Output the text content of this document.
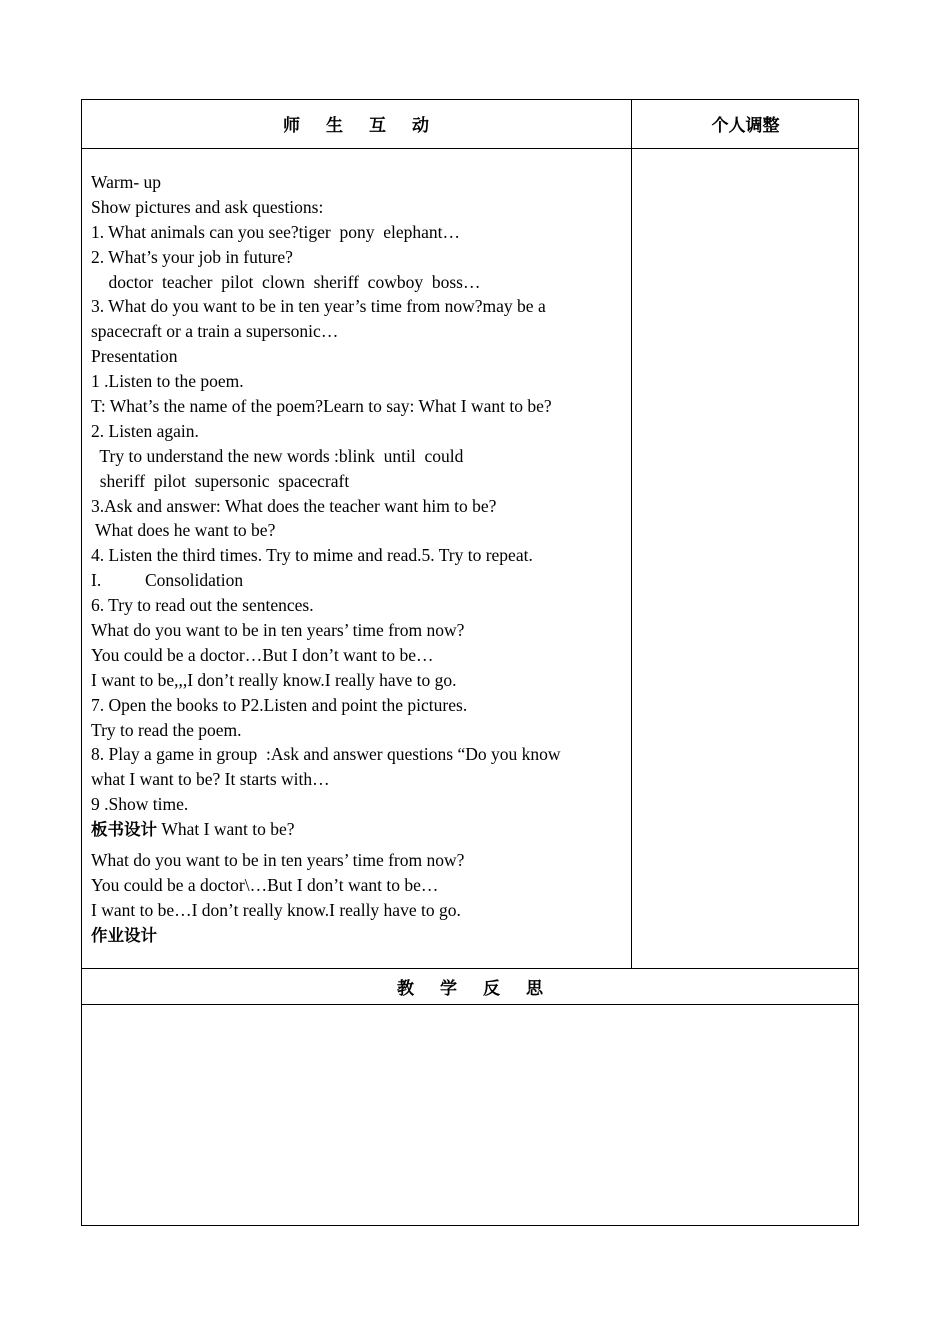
师生互动	个人调整
教学反思
Warm- up
Show pictures and ask questions:
1. What animals can you see?tiger  pony  elephant…
2. What’s your job in future?
doctor  teacher  pilot  clown  sheriff  cowboy  boss…
3. What do you want to be in ten year’s time from now?may be a
spacecraft or a train a supersonic…
Presentation
1 .Listen to the poem.
T: What’s the name of the poem?Learn to say: What I want to be?
2. Listen again.
Try to understand the new words :blink  until  could
sheriff  pilot  supersonic  spacecraft
3.Ask and answer: What does the teacher want him to be?
What does he want to be?
4. Listen the third times. Try to mime and read.5. Try to repeat.
I.          Consolidation
6. Try to read out the sentences.
What do you want to be in ten years’ time from now?
You could be a doctor…But I don’t want to be…
I want to be,,,I don’t really know.I really have to go.
7. Open the books to P2.Listen and point the pictures.
Try to read the poem.
8. Play a game in group  :Ask and answer questions “Do you know
what I want to be? It starts with…
9 .Show time.
板书设计 What I want to be?
What do you want to be in ten years’ time from now?
You could be a doctor\…But I don’t want to be…
I want to be…I don’t really know.I really have to go.
作业设计
